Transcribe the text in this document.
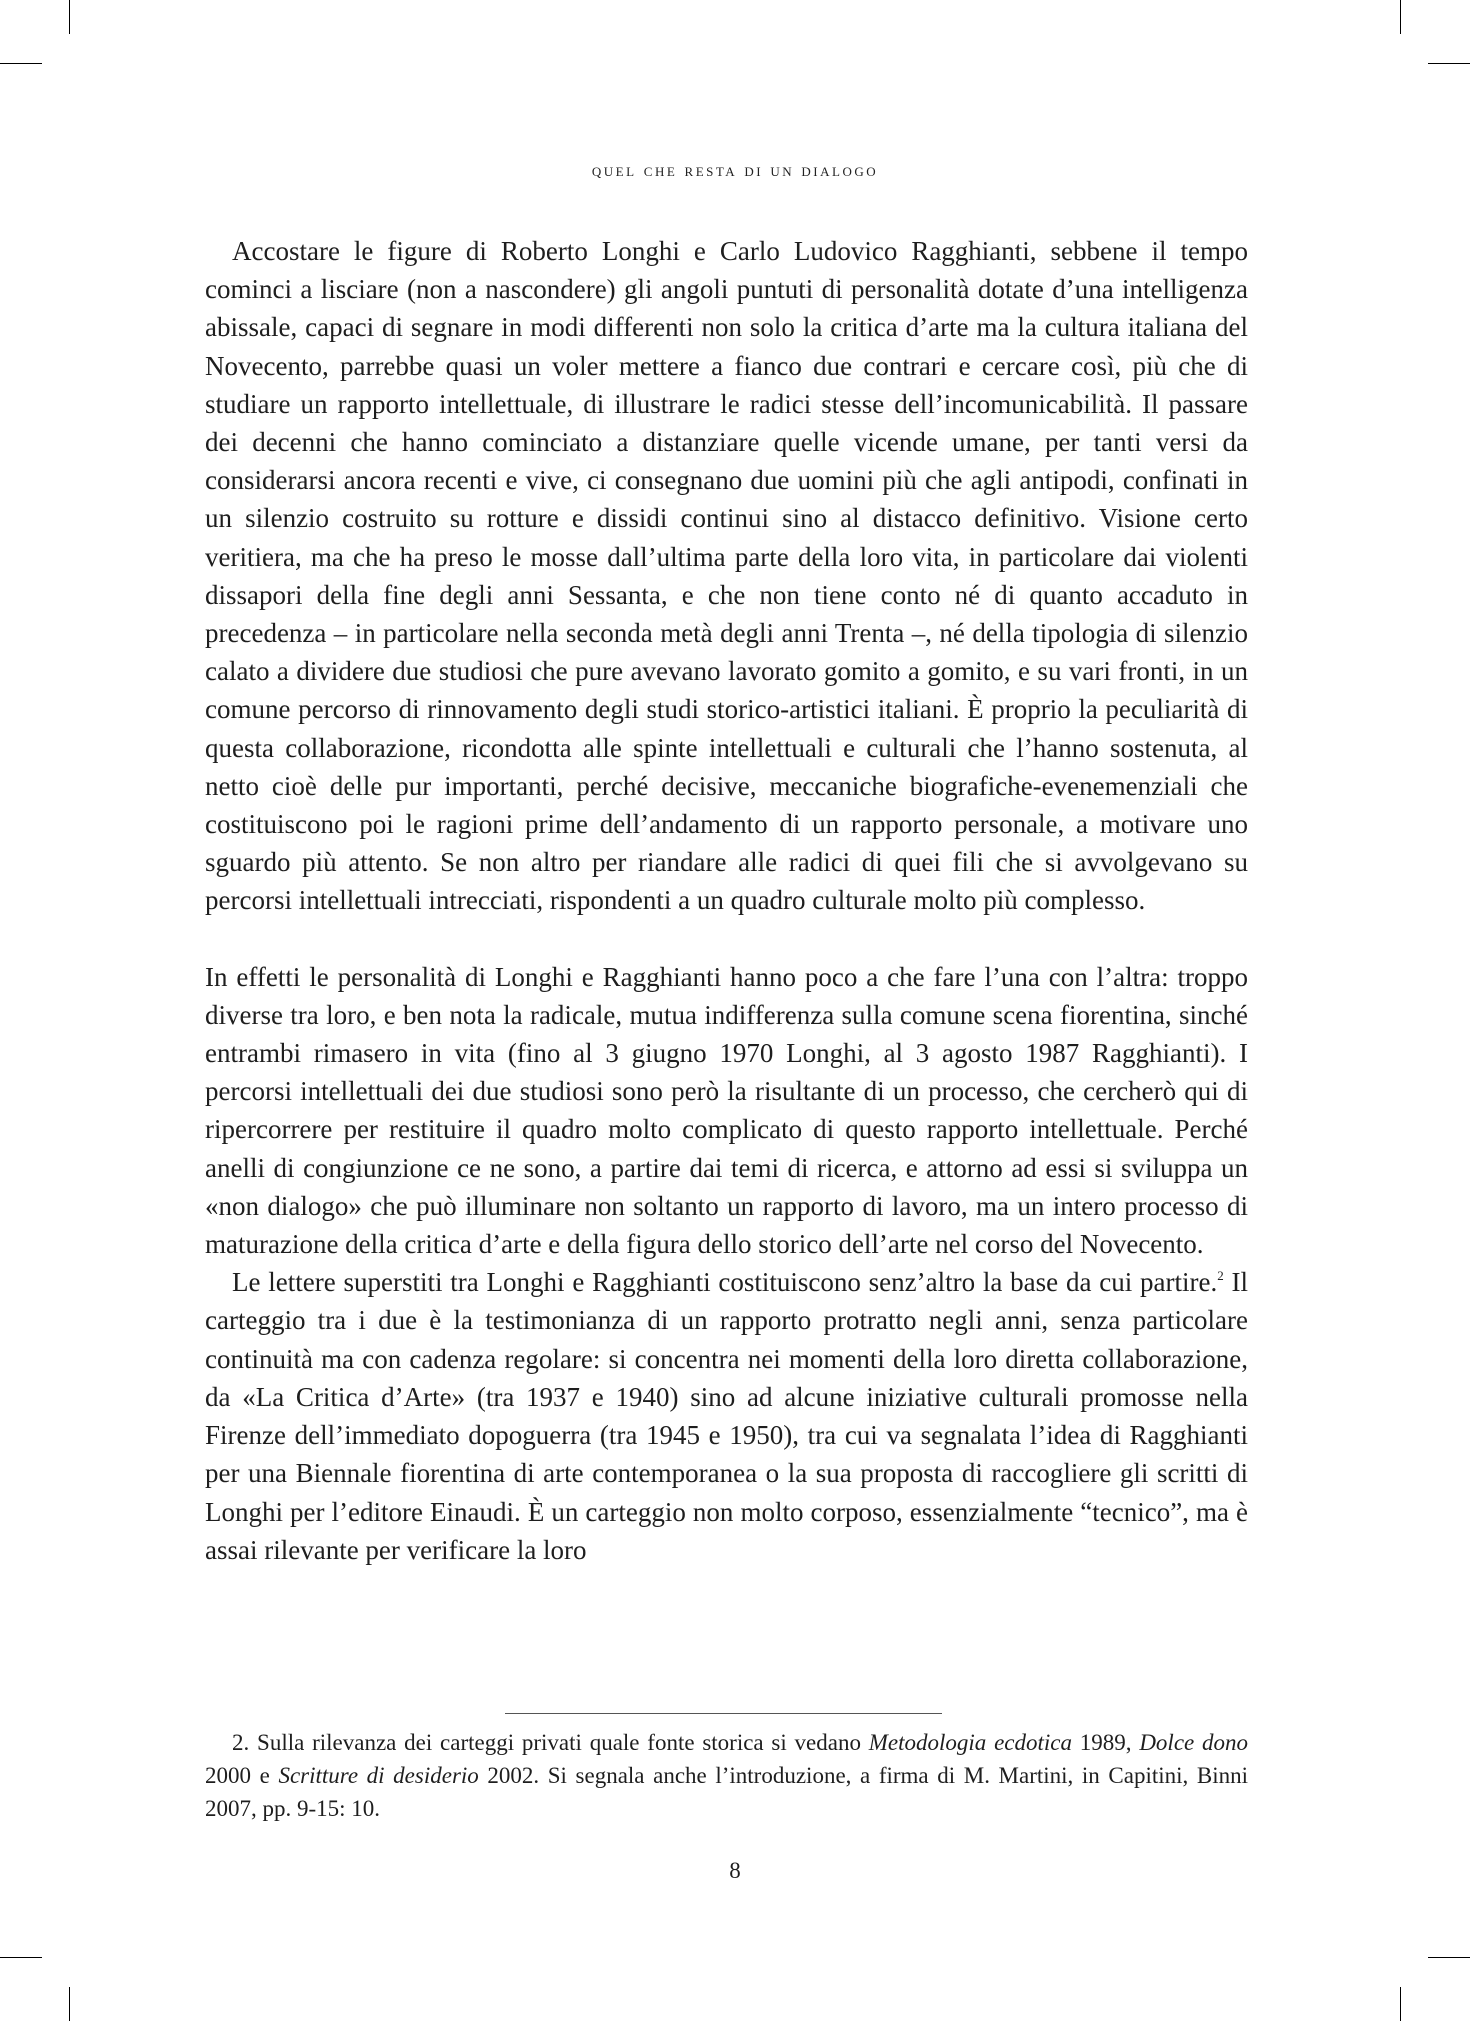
quel che resta di un dialogo

Accostare le figure di Roberto Longhi e Carlo Ludovico Ragghianti, sebbene il tempo cominci a lisciare (non a nascondere) gli angoli puntuti di personalità dotate d’una intelligenza abissale, capaci di segnare in modi differenti non solo la critica d’arte ma la cultura italiana del Novecento, parrebbe quasi un voler mettere a fianco due contrari e cercare così, più che di studiare un rapporto intellettuale, di illustrare le radici stesse dell’incomunicabilità. Il passare dei decenni che hanno cominciato a distanziare quelle vicende umane, per tanti versi da considerarsi ancora recenti e vive, ci consegnano due uomini più che agli antipodi, confinati in un silenzio costruito su rotture e dissidi continui sino al distacco definitivo. Visione certo veritiera, ma che ha preso le mosse dall’ultima parte della loro vita, in particolare dai violenti dissapori della fine degli anni Sessanta, e che non tiene conto né di quanto accaduto in precedenza – in particolare nella seconda metà degli anni Trenta –, né della tipologia di silenzio calato a dividere due studiosi che pure avevano lavorato gomito a gomito, e su vari fronti, in un comune percorso di rinnovamento degli studi storico-artistici italiani. È proprio la peculiarità di questa collaborazione, ricondotta alle spinte intellettuali e culturali che l’hanno sostenuta, al netto cioè delle pur importanti, perché decisive, meccaniche biografiche-evenemenziali che costituiscono poi le ragioni prime dell’andamento di un rapporto personale, a motivare uno sguardo più attento. Se non altro per riandare alle radici di quei fili che si avvolgevano su percorsi intellettuali intrecciati, rispondenti a un quadro culturale molto più complesso.

In effetti le personalità di Longhi e Ragghianti hanno poco a che fare l’una con l’altra: troppo diverse tra loro, e ben nota la radicale, mutua indifferenza sulla comune scena fiorentina, sinché entrambi rimasero in vita (fino al 3 giugno 1970 Longhi, al 3 agosto 1987 Ragghianti). I percorsi intellettuali dei due studiosi sono però la risultante di un processo, che cercherò qui di ripercorrere per restituire il quadro molto complicato di questo rapporto intellettuale. Perché anelli di congiunzione ce ne sono, a partire dai temi di ricerca, e attorno ad essi si sviluppa un «non dialogo» che può illuminare non soltanto un rapporto di lavoro, ma un intero processo di maturazione della critica d’arte e della figura dello storico dell’arte nel corso del Novecento.

Le lettere superstiti tra Longhi e Ragghianti costituiscono senz’altro la base da cui partire.$^2$ Il carteggio tra i due è la testimonianza di un rapporto protratto negli anni, senza particolare continuità ma con cadenza regolare: si concentra nei momenti della loro diretta collaborazione, da «La Critica d’Arte» (tra 1937 e 1940) sino ad alcune iniziative culturali promosse nella Firenze dell’immediato dopoguerra (tra 1945 e 1950), tra cui va segnalata l’idea di Ragghianti per una Biennale fiorentina di arte contemporanea o la sua proposta di raccogliere gli scritti di Longhi per l’editore Einaudi. È un carteggio non molto corposo, essenzialmente “tecnico”, ma è assai rilevante per verificare la loro

2. Sulla rilevanza dei carteggi privati quale fonte storica si vedano Metodologia ecdotica 1989, Dolce dono 2000 e Scritture di desiderio 2002. Si segnala anche l’introduzione, a firma di M. Martini, in Capitini, Binni 2007, pp. 9-15: 10.

8
